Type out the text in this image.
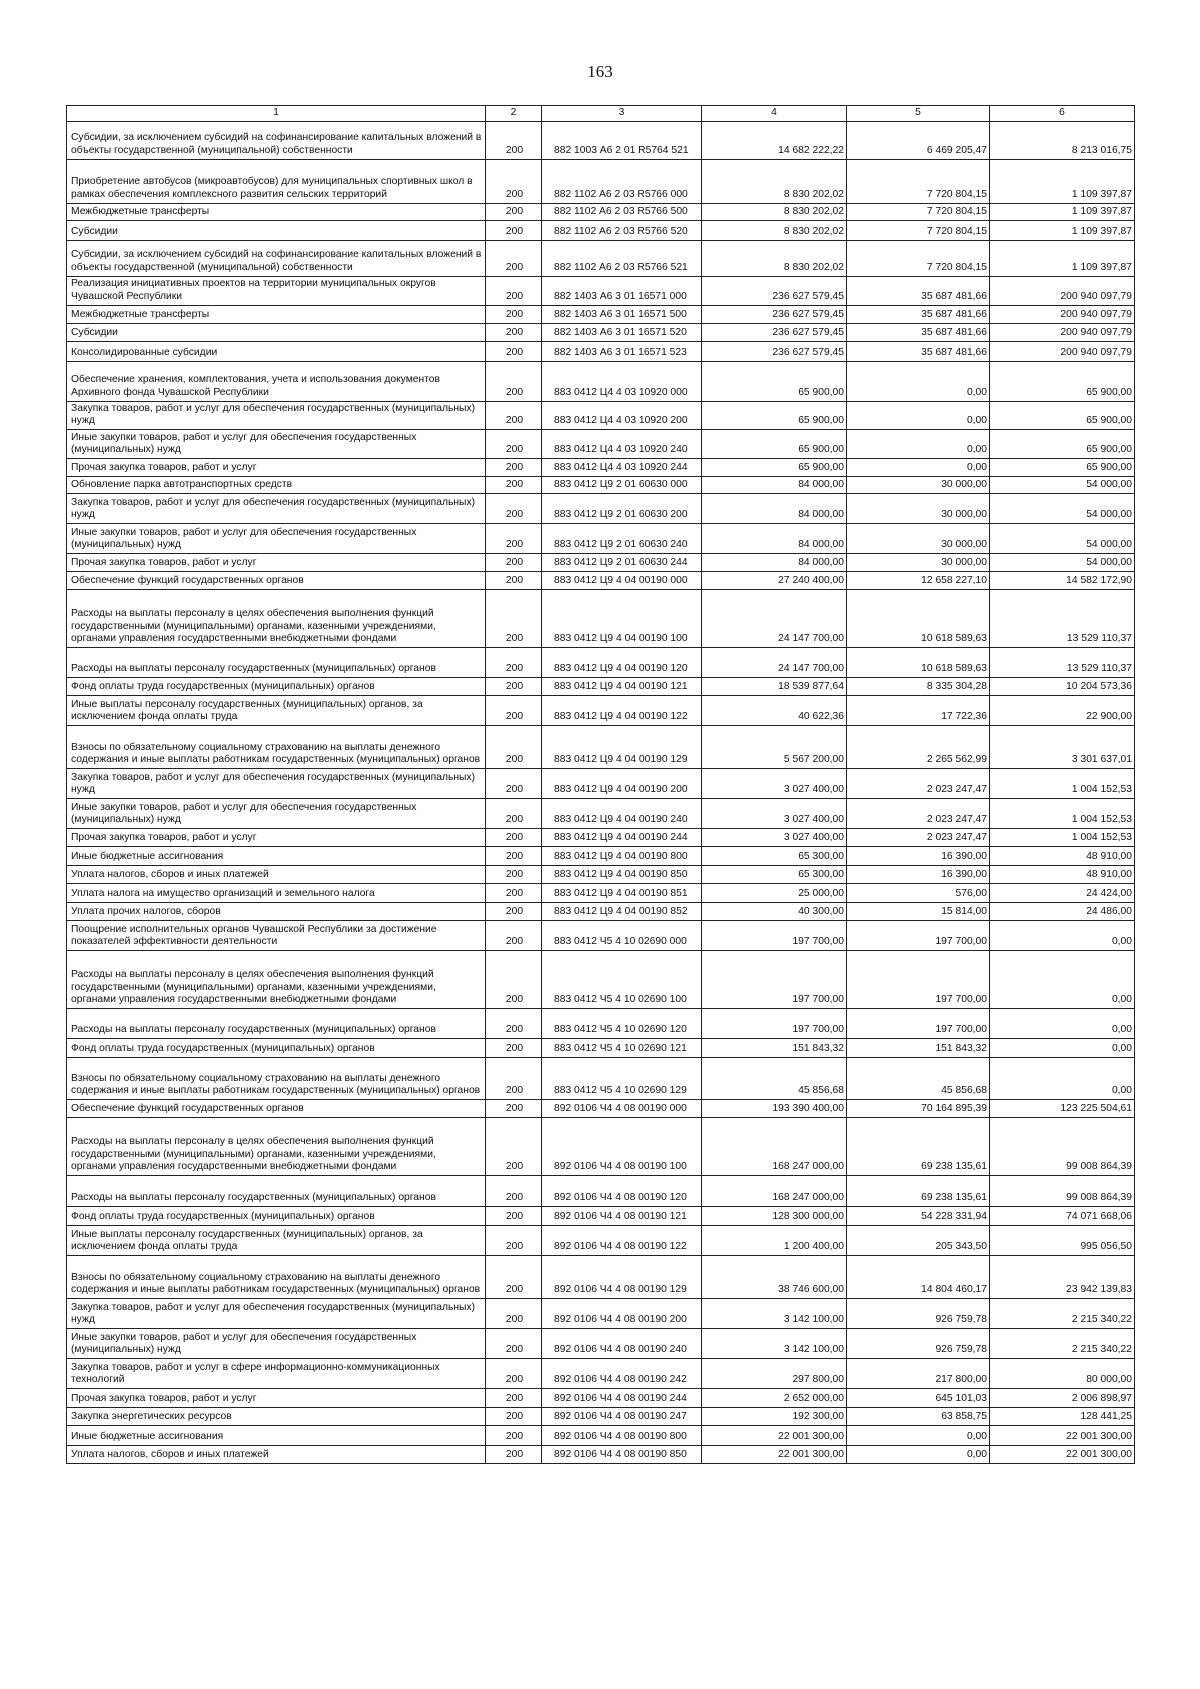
163
1	2	3	4	5	6
Субсидии, за исключением субсидий на софинансирование капитальных вложений в объекты государственной (муниципальной) собственности	200	882 1003 А6 2 01 R5764 521	14 682 222,22	6 469 205,47	8 213 016,75
Приобретение автобусов (микроавтобусов) для муниципальных спортивных школ в рамках обеспечения комплексного развития сельских территорий	200	882 1102 А6 2 03 R5766 000	8 830 202,02	7 720 804,15	1 109 397,87
Межбюджетные трансферты	200	882 1102 А6 2 03 R5766 500	8 830 202,02	7 720 804,15	1 109 397,87
Субсидии	200	882 1102 А6 2 03 R5766 520	8 830 202,02	7 720 804,15	1 109 397,87
Субсидии, за исключением субсидий на софинансирование капитальных вложений в объекты государственной (муниципальной) собственности	200	882 1102 А6 2 03 R5766 521	8 830 202,02	7 720 804,15	1 109 397,87
Реализация инициативных проектов на территории муниципальных округов Чувашской Республики	200	882 1403 А6 3 01 16571 000	236 627 579,45	35 687 481,66	200 940 097,79
Межбюджетные трансферты	200	882 1403 А6 3 01 16571 500	236 627 579,45	35 687 481,66	200 940 097,79
Субсидии	200	882 1403 А6 3 01 16571 520	236 627 579,45	35 687 481,66	200 940 097,79
Консолидированные субсидии	200	882 1403 А6 3 01 16571 523	236 627 579,45	35 687 481,66	200 940 097,79
Обеспечение хранения, комплектования, учета и использования документов Архивного фонда Чувашской Республики	200	883 0412 Ц4 4 03 10920 000	65 900,00	0,00	65 900,00
Закупка товаров, работ и услуг для обеспечения государственных (муниципальных) нужд	200	883 0412 Ц4 4 03 10920 200	65 900,00	0,00	65 900,00
Иные закупки товаров, работ и услуг для обеспечения государственных (муниципальных) нужд	200	883 0412 Ц4 4 03 10920 240	65 900,00	0,00	65 900,00
Прочая закупка товаров, работ и услуг	200	883 0412 Ц4 4 03 10920 244	65 900,00	0,00	65 900,00
Обновление парка автотранспортных средств	200	883 0412 Ц9 2 01 60630 000	84 000,00	30 000,00	54 000,00
Закупка товаров, работ и услуг для обеспечения государственных (муниципальных) нужд	200	883 0412 Ц9 2 01 60630 200	84 000,00	30 000,00	54 000,00
Иные закупки товаров, работ и услуг для обеспечения государственных (муниципальных) нужд	200	883 0412 Ц9 2 01 60630 240	84 000,00	30 000,00	54 000,00
Прочая закупка товаров, работ и услуг	200	883 0412 Ц9 2 01 60630 244	84 000,00	30 000,00	54 000,00
Обеспечение функций государственных органов	200	883 0412 Ц9 4 04 00190 000	27 240 400,00	12 658 227,10	14 582 172,90
Расходы на выплаты персоналу в целях обеспечения выполнения функций государственными (муниципальными) органами, казенными учреждениями, органами управления государственными внебюджетными фондами	200	883 0412 Ц9 4 04 00190 100	24 147 700,00	10 618 589,63	13 529 110,37
Расходы на выплаты персоналу государственных (муниципальных) органов	200	883 0412 Ц9 4 04 00190 120	24 147 700,00	10 618 589,63	13 529 110,37
Фонд оплаты труда государственных (муниципальных) органов	200	883 0412 Ц9 4 04 00190 121	18 539 877,64	8 335 304,28	10 204 573,36
Иные выплаты персоналу государственных (муниципальных) органов, за исключением фонда оплаты труда	200	883 0412 Ц9 4 04 00190 122	40 622,36	17 722,36	22 900,00
Взносы по обязательному социальному страхованию на выплаты денежного содержания и иные выплаты работникам государственных (муниципальных) органов	200	883 0412 Ц9 4 04 00190 129	5 567 200,00	2 265 562,99	3 301 637,01
Закупка товаров, работ и услуг для обеспечения государственных (муниципальных) нужд	200	883 0412 Ц9 4 04 00190 200	3 027 400,00	2 023 247,47	1 004 152,53
Иные закупки товаров, работ и услуг для обеспечения государственных (муниципальных) нужд	200	883 0412 Ц9 4 04 00190 240	3 027 400,00	2 023 247,47	1 004 152,53
Прочая закупка товаров, работ и услуг	200	883 0412 Ц9 4 04 00190 244	3 027 400,00	2 023 247,47	1 004 152,53
Иные бюджетные ассигнования	200	883 0412 Ц9 4 04 00190 800	65 300,00	16 390,00	48 910,00
Уплата налогов, сборов и иных платежей	200	883 0412 Ц9 4 04 00190 850	65 300,00	16 390,00	48 910,00
Уплата налога на имущество организаций и земельного налога	200	883 0412 Ц9 4 04 00190 851	25 000,00	576,00	24 424,00
Уплата прочих налогов, сборов	200	883 0412 Ц9 4 04 00190 852	40 300,00	15 814,00	24 486,00
Поощрение исполнительных органов Чувашской Республики за достижение показателей эффективности деятельности	200	883 0412 Ч5 4 10 02690 000	197 700,00	197 700,00	0,00
Расходы на выплаты персоналу в целях обеспечения выполнения функций государственными (муниципальными) органами, казенными учреждениями, органами управления государственными внебюджетными фондами	200	883 0412 Ч5 4 10 02690 100	197 700,00	197 700,00	0,00
Расходы на выплаты персоналу государственных (муниципальных) органов	200	883 0412 Ч5 4 10 02690 120	197 700,00	197 700,00	0,00
Фонд оплаты труда государственных (муниципальных) органов	200	883 0412 Ч5 4 10 02690 121	151 843,32	151 843,32	0,00
Взносы по обязательному социальному страхованию на выплаты денежного содержания и иные выплаты работникам государственных (муниципальных) органов	200	883 0412 Ч5 4 10 02690 129	45 856,68	45 856,68	0,00
Обеспечение функций государственных органов	200	892 0106 Ч4 4 08 00190 000	193 390 400,00	70 164 895,39	123 225 504,61
Расходы на выплаты персоналу в целях обеспечения выполнения функций государственными (муниципальными) органами, казенными учреждениями, органами управления государственными внебюджетными фондами	200	892 0106 Ч4 4 08 00190 100	168 247 000,00	69 238 135,61	99 008 864,39
Расходы на выплаты персоналу государственных (муниципальных) органов	200	892 0106 Ч4 4 08 00190 120	168 247 000,00	69 238 135,61	99 008 864,39
Фонд оплаты труда государственных (муниципальных) органов	200	892 0106 Ч4 4 08 00190 121	128 300 000,00	54 228 331,94	74 071 668,06
Иные выплаты персоналу государственных (муниципальных) органов, за исключением фонда оплаты труда	200	892 0106 Ч4 4 08 00190 122	1 200 400,00	205 343,50	995 056,50
Взносы по обязательному социальному страхованию на выплаты денежного содержания и иные выплаты работникам государственных (муниципальных) органов	200	892 0106 Ч4 4 08 00190 129	38 746 600,00	14 804 460,17	23 942 139,83
Закупка товаров, работ и услуг для обеспечения государственных (муниципальных) нужд	200	892 0106 Ч4 4 08 00190 200	3 142 100,00	926 759,78	2 215 340,22
Иные закупки товаров, работ и услуг для обеспечения государственных (муниципальных) нужд	200	892 0106 Ч4 4 08 00190 240	3 142 100,00	926 759,78	2 215 340,22
Закупка товаров, работ и услуг в сфере информационно-коммуникационных технологий	200	892 0106 Ч4 4 08 00190 242	297 800,00	217 800,00	80 000,00
Прочая закупка товаров, работ и услуг	200	892 0106 Ч4 4 08 00190 244	2 652 000,00	645 101,03	2 006 898,97
Закупка энергетических ресурсов	200	892 0106 Ч4 4 08 00190 247	192 300,00	63 858,75	128 441,25
Иные бюджетные ассигнования	200	892 0106 Ч4 4 08 00190 800	22 001 300,00	0,00	22 001 300,00
Уплата налогов, сборов и иных платежей	200	892 0106 Ч4 4 08 00190 850	22 001 300,00	0,00	22 001 300,00
